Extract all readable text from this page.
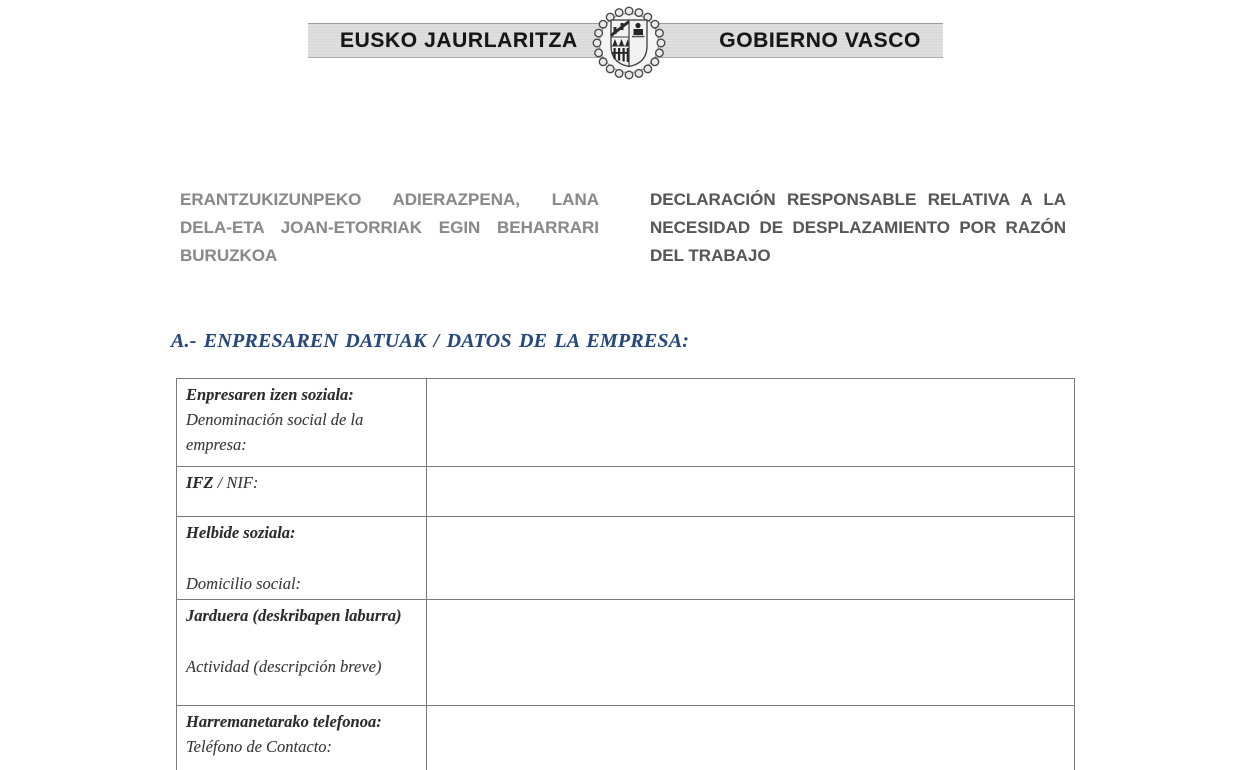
EUSKO JAURLARITZA	GOBIERNO VASCO

ERANTZUKIZUNPEKO ADIERAZPENA, LANA DELA-ETA JOAN-ETORRIAK EGIN BEHARRARI BURUZKOA

DECLARACIÓN RESPONSABLE RELATIVA A LA NECESIDAD DE DESPLAZAMIENTO POR RAZÓN DEL TRABAJO

A.- ENPRESAREN DATUAK / DATOS DE LA EMPRESA:
Enpresaren izen soziala:
Denominación social de la empresa:	

IFZ / NIF:	

Helbide soziala:
Domicilio social:	

Jarduera (deskribapen laburra)
Actividad (descripción breve)	

Harremanetarako telefonoa:
Teléfono de Contacto:	
